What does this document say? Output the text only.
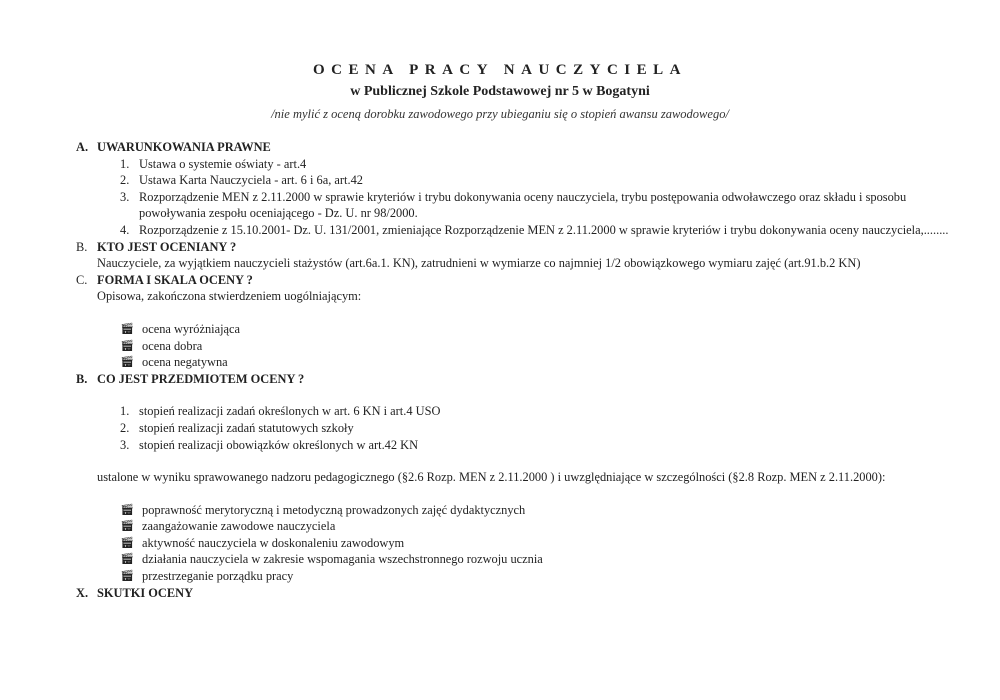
OCENA PRACY NAUCZYCIELA
w Publicznej Szkole Podstawowej nr 5 w Bogatyni
/nie mylić z oceną dorobku zawodowego przy ubieganiu się o stopień awansu zawodowego/
A. UWARUNKOWANIA PRAWNE
1. Ustawa o systemie oświaty - art.4
2. Ustawa Karta Nauczyciela - art. 6 i 6a, art.42
3. Rozporządzenie MEN z 2.11.2000 w sprawie kryteriów i trybu dokonywania oceny nauczyciela, trybu postępowania odwoławczego oraz składu i sposobu powoływania zespołu oceniającego - Dz. U. nr 98/2000.
4. Rozporządzenie z 15.10.2001- Dz. U. 131/2001, zmieniające Rozporządzenie MEN z 2.11.2000 w sprawie kryteriów i trybu dokonywania oceny nauczyciela,........
B. KTO JEST OCENIANY ?
Nauczyciele, za wyjątkiem nauczycieli stażystów (art.6a.1. KN), zatrudnieni w wymiarze co najmniej 1/2 obowiązkowego wymiaru zajęć (art.91.b.2 KN)
C. FORMA I SKALA OCENY ?
Opisowa, zakończona stwierdzeniem uogólniającym:
🎬︎ ocena wyróżniająca
🎬︎ ocena dobra
🎬︎ ocena negatywna
B. CO JEST PRZEDMIOTEM OCENY ?
1. stopień realizacji zadań określonych w art. 6 KN i art.4 USO
2. stopień realizacji zadań statutowych szkoły
3. stopień realizacji obowiązków określonych w art.42 KN
ustalone w wyniku sprawowanego nadzoru pedagogicznego (§2.6 Rozp. MEN z 2.11.2000 ) i uwzględniające w szczególności (§2.8 Rozp. MEN z 2.11.2000):
🎬︎ poprawność merytoryczną i metodyczną prowadzonych zajęć dydaktycznych
🎬︎ zaangażowanie zawodowe nauczyciela
🎬︎ aktywność nauczyciela w doskonaleniu zawodowym
🎬︎ działania nauczyciela w zakresie wspomagania wszechstronnego rozwoju ucznia
🎬︎ przestrzeganie porządku pracy
X. SKUTKI OCENY
